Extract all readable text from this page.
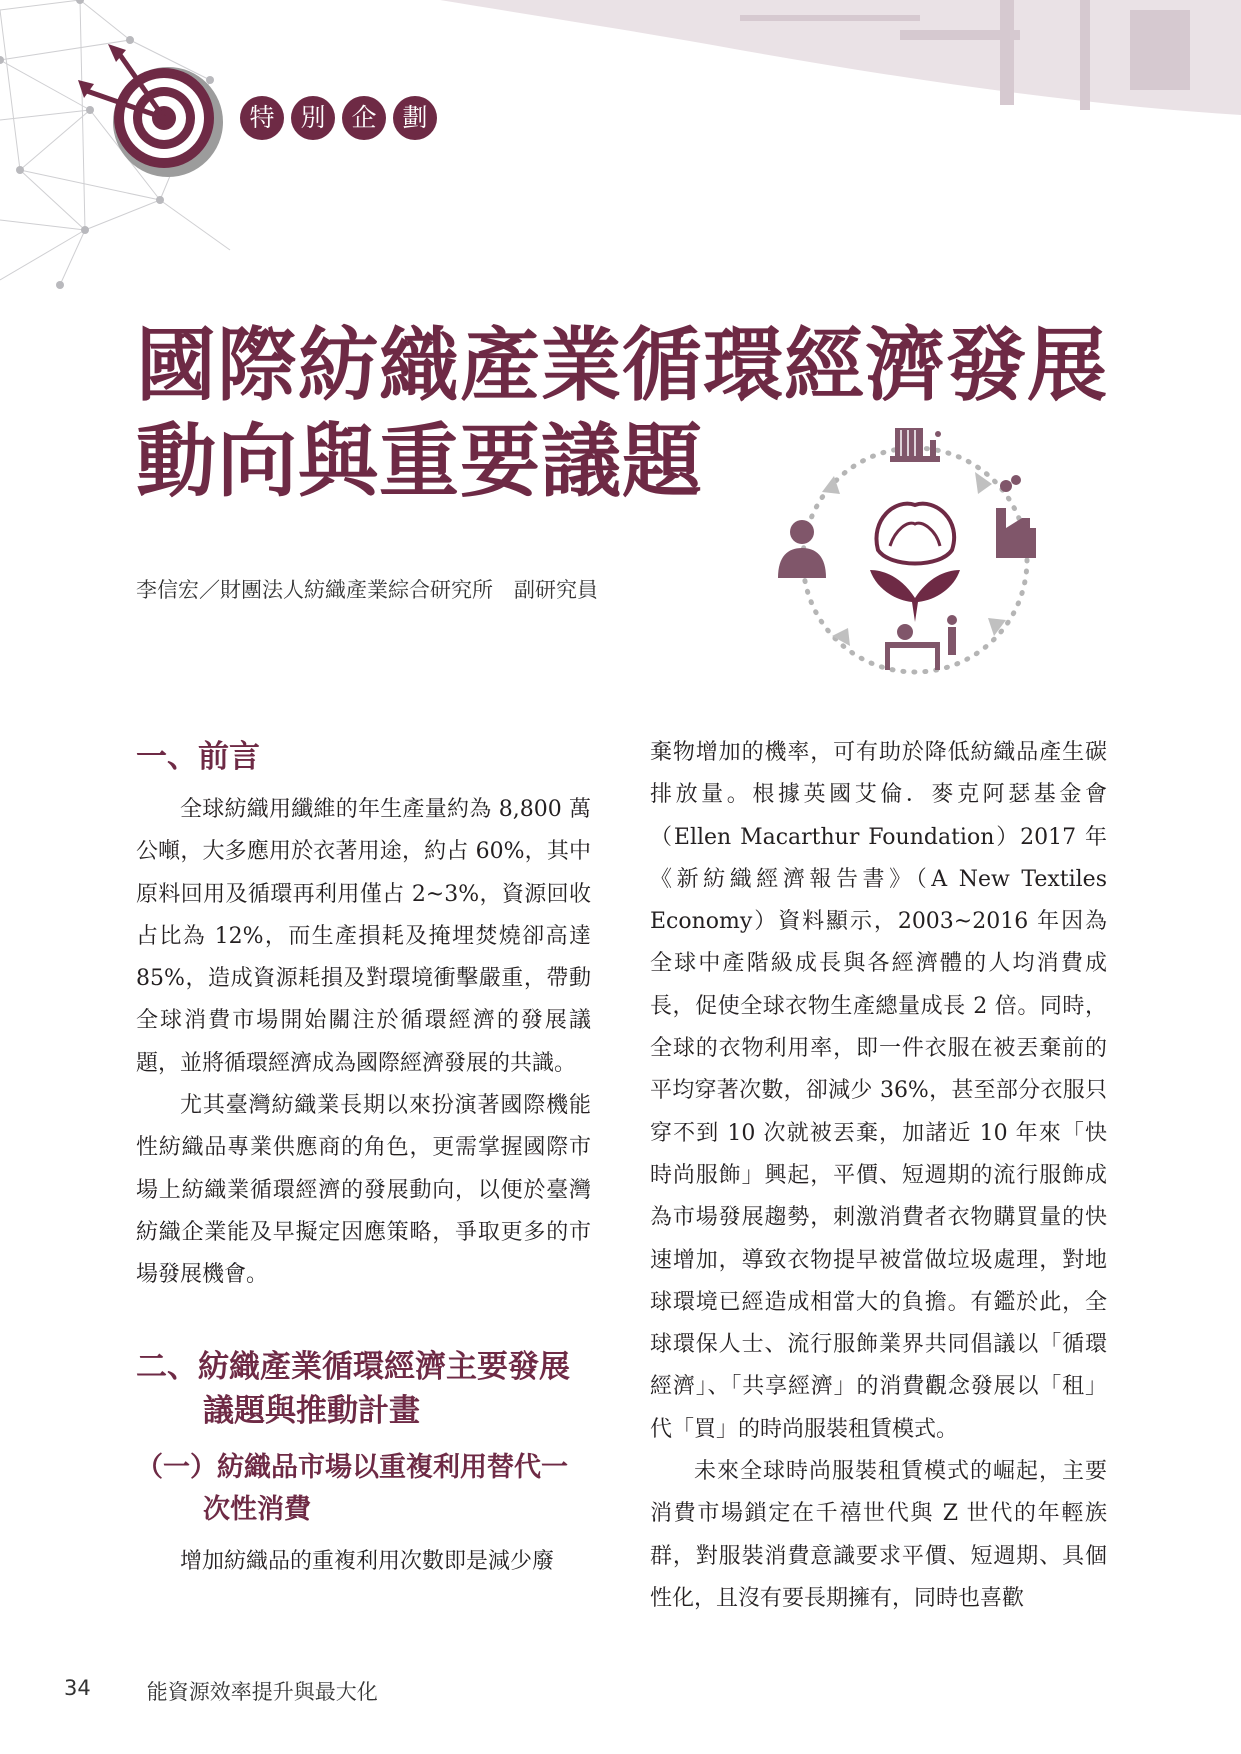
特	別	企	劃
國際紡織產業循環經濟發展
動向與重要議題
李信宏／財團法人紡織產業綜合研究所　副研究員
一、前言

全球紡織用纖維的年生產量約為 8,800 萬公噸，大多應用於衣著用途，約占 60%，其中原料回用及循環再利用僅占 2~3%，資源回收占比為 12%，而生產損耗及掩埋焚燒卻高達 85%，造成資源耗損及對環境衝擊嚴重，帶動全球消費市場開始關注於循環經濟的發展議題，並將循環經濟成為國際經濟發展的共識。

尤其臺灣紡織業長期以來扮演著國際機能性紡織品專業供應商的角色，更需掌握國際市場上紡織業循環經濟的發展動向，以便於臺灣紡織企業能及早擬定因應策略，爭取更多的市場發展機會。

二、紡織產業循環經濟主要發展議題與推動計畫
（一）紡織品市場以重複利用替代一次性消費

增加紡織品的重複利用次數即是減少廢

棄物增加的機率，可有助於降低紡織品產生碳排放量。根據英國艾倫．麥克阿瑟基金會（Ellen Macarthur Foundation）2017 年《新紡織經濟報告書》（A New Textiles Economy）資料顯示，2003~2016 年因為全球中產階級成長與各經濟體的人均消費成長，促使全球衣物生產總量成長 2 倍。同時，全球的衣物利用率，即一件衣服在被丟棄前的平均穿著次數，卻減少 36%，甚至部分衣服只穿不到 10 次就被丟棄，加諸近 10 年來「快時尚服飾」興起，平價、短週期的流行服飾成為市場發展趨勢，刺激消費者衣物購買量的快速增加，導致衣物提早被當做垃圾處理，對地球環境已經造成相當大的負擔。有鑑於此，全球環保人士、流行服飾業界共同倡議以「循環經濟」、「共享經濟」的消費觀念發展以「租」代「買」的時尚服裝租賃模式。

未來全球時尚服裝租賃模式的崛起，主要消費市場鎖定在千禧世代與 Z 世代的年輕族群，對服裝消費意識要求平價、短週期、具個性化，且沒有要長期擁有，同時也喜歡

34	能資源效率提升與最大化
